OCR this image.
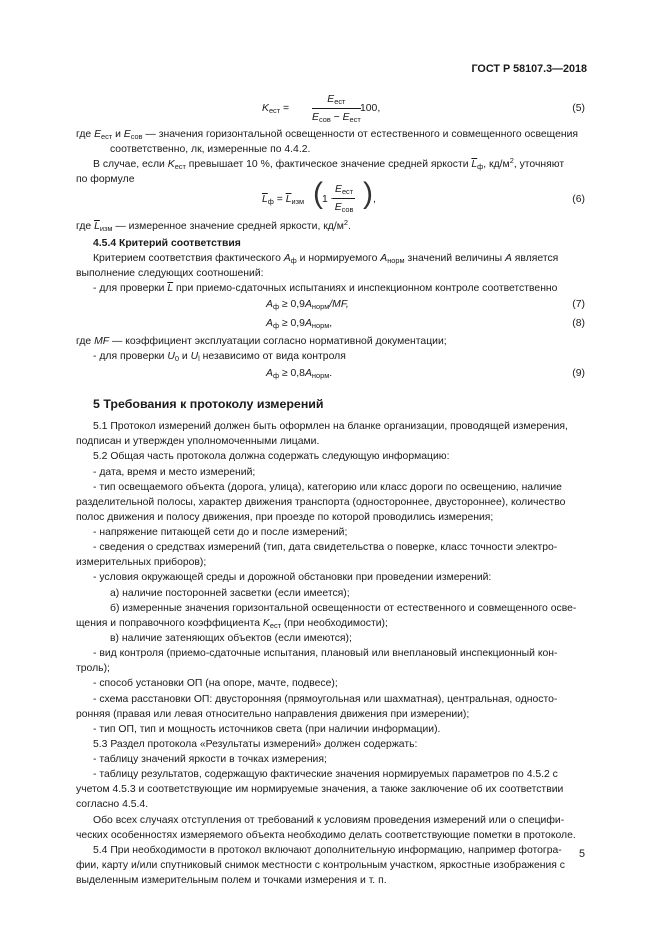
ГОСТ Р 58107.3—2018
$K_{ест}$ =
$E_{ест}$
$E_{сов} - E_{ест}$
100,	(5)
где $E_{ест}$ и $E_{сов}$ — значения горизонтальной освещенности от естественного и совмещенного освещения
соответственно, лк, измеренные по 4.4.2.
В случае, если $K_{ест}$ превышает 10 %, фактическое значение средней яркости $\overline{L}_ф$, $кд/м^2$, уточняют
по формуле
$\overline{L}_ф = \overline{L}_{изм}$ ( 1 −
$E_{ест}$
$E_{сов}$ ) ,	(6)
где $\overline{L}_{изм}$ — измеренное значение средней яркости, $кд/м^2$.
4.5.4 Критерий соответствия
Критерием соответствия фактического $A_ф$ и нормируемого $A_{норм}$ значений величины A является
выполнение следующих соотношений:
- для проверки $\overline{L}$ при приемо-сдаточных испытаниях и инспекционном контроле соответственно
$A_ф \ge 0,9A_{норм}/MF$,	(7)
$A_ф \ge 0,9A_{норм}$,	(8)
где MF — коэффициент эксплуатации согласно нормативной документации;
- для проверки $U_0$ и $U_l$ независимо от вида контроля
$A_ф \ge 0,8A_{норм}$.	(9)
5 Требования к протоколу измерений
5.1 Протокол измерений должен быть оформлен на бланке организации, проводящей измерения,
подписан и утвержден уполномоченными лицами.
5.2 Общая часть протокола должна содержать следующую информацию:
- дата, время и место измерений;
- тип освещаемого объекта (дорога, улица), категорию или класс дороги по освещению, наличие
разделительной полосы, характер движения транспорта (одностороннее, двустороннее), количество
полос движения и полосу движения, при проезде по которой проводились измерения;
- напряжение питающей сети до и после измерений;
- сведения о средствах измерений (тип, дата свидетельства о поверке, класс точности электро-
измерительных приборов);
- условия окружающей среды и дорожной обстановки при проведении измерений:
а) наличие посторонней засветки (если имеется);
б) измеренные значения горизонтальной освещенности от естественного и совмещенного осве-
щения и поправочного коэффициента $K_{ест}$ (при необходимости);
в) наличие затеняющих объектов (если имеются);
- вид контроля (приемо-сдаточные испытания, плановый или внеплановый инспекционный кон-
троль);
- способ установки ОП (на опоре, мачте, подвесе);
- схема расстановки ОП: двусторонняя (прямоугольная или шахматная), центральная, односто-
ронняя (правая или левая относительно направления движения при измерении);
- тип ОП, тип и мощность источников света (при наличии информации).
5.3 Раздел протокола «Результаты измерений» должен содержать:
- таблицу значений яркости в точках измерения;
- таблицу результатов, содержащую фактические значения нормируемых параметров по 4.5.2 с
учетом 4.5.3 и соответствующие им нормируемые значения, а также заключение об их соответствии
согласно 4.5.4.
Обо всех случаях отступления от требований к условиям проведения измерений или о специфи-
ческих особенностях измеряемого объекта необходимо делать соответствующие пометки в протоколе.
5.4 При необходимости в протокол включают дополнительную информацию, например фотогра-
фии, карту и/или спутниковый снимок местности с контрольным участком, яркостные изображения с
выделенным измерительным полем и точками измерения и т. п.
5
